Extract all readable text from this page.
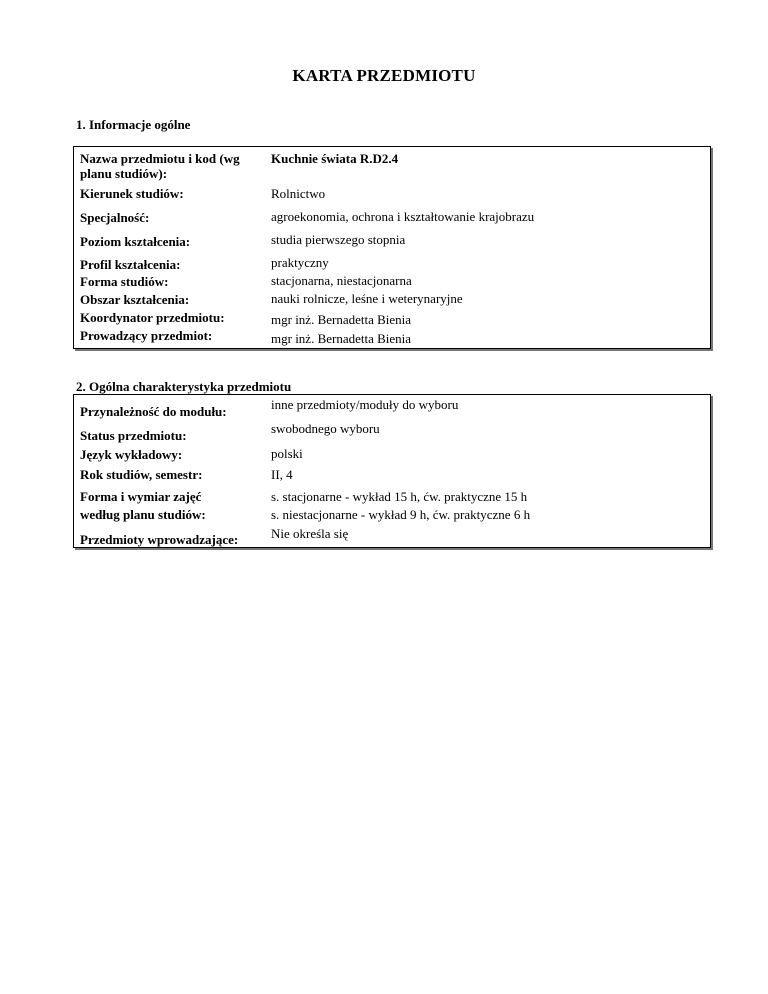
KARTA PRZEDMIOTU
1. Informacje ogólne
Nazwa przedmiotu i kod (wg planu studiów):
Kuchnie świata R.D2.4
Kierunek studiów:	Rolnictwo
Specjalność:	agroekonomia, ochrona i kształtowanie krajobrazu
Poziom kształcenia:	studia pierwszego stopnia
Profil kształcenia:	praktyczny
Forma studiów:	stacjonarna, niestacjonarna
Obszar kształcenia:	nauki rolnicze, leśne i weterynaryjne
Koordynator przedmiotu:	mgr inż. Bernadetta Bienia
Prowadzący przedmiot:	mgr inż. Bernadetta Bienia
2. Ogólna charakterystyka przedmiotu
Przynależność do modułu:	inne przedmioty/moduły do wyboru
Status przedmiotu:	swobodnego wyboru
Język wykładowy:	polski
Rok studiów, semestr:	II, 4
Forma i wymiar zajęć
według planu studiów:
s. stacjonarne - wykład 15 h, ćw. praktyczne 15 h
s. niestacjonarne - wykład 9 h, ćw. praktyczne 6 h
Przedmioty wprowadzające:	Nie określa się
